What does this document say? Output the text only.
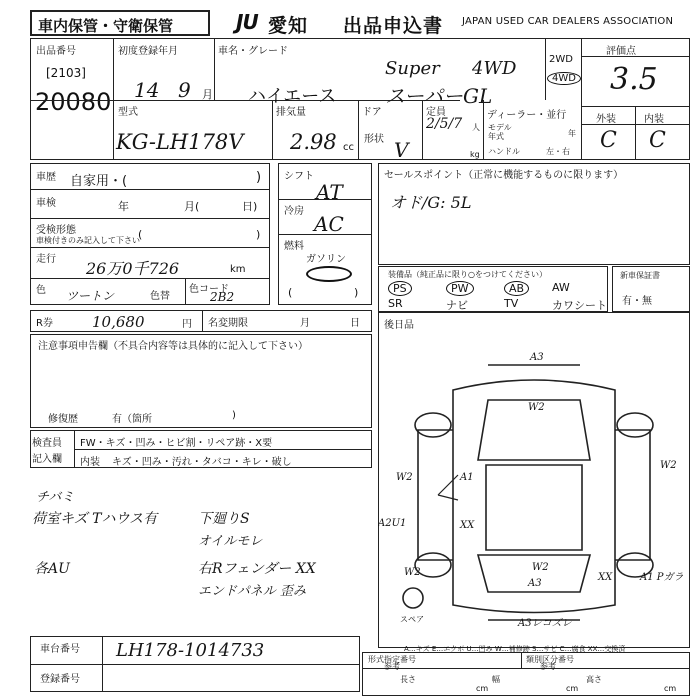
車内保管・守衛保管	JU 愛知 出品申込書 JAPAN USED CAR DEALERS ASSOCIATION
出品番号
[2103]
20080
初度登録年月
14 9 月
車名・グレード
ハイエース
Super 4WD
スーパーGL
2WD
4WD
評価点
3.5
外装	内装
C C
型式
KG-LH178V
排気量
2.98 cc
ドア
形状 V
定員
2/5/7 人
kg
ディーラー・並行
モデル
年式	年
ハンドル	左・右
車歴 自家用・(	)
車検	年	月(	日)
受検形態
車検付きのみ記入して下さい
(	)
走行 26万0千726	km
色 ツートン	色替
色コード
2B2
シフト
AT
冷房
AC
燃料
ガソリン
(	)
セールスポイント（正常に機能するものに限ります）
オド/G: 5L
装備品（純正品に限り○をつけてください）
PS	PW	AB	AW
SR	ナビ	TV	カワシート
新車保証書
有・無
R券	10,680	円 名変期限	月	日 後日品
注意事項申告欄（不具合内容等は具体的に記入して下さい）
修復歴	有（箇所	)
検査員
記入欄
FW・キズ・凹み・ヒビ割・リペア跡・X要
内装 キズ・凹み・汚れ・タバコ・キレ・破し
チバミ
荷室キズ Tハウス有	下廻りS
オイルモレ
各AU	右Rフェンダー XX
エンドパネル 歪み
A3
W2
W2
W2
W2
A1
A2U1	XX
W2
A3
XX	A1 Pガラ
A3レコズレ
スペア
A…キズ E…エクボ U…凹み W…補修跡 S…サビ C…腐食 XX…交換済
車台番号 LH178-1014733
登録番号
形式指定番号
参考
類別区分番号
参考
長さ
cm
幅
cm
高さ
cm
